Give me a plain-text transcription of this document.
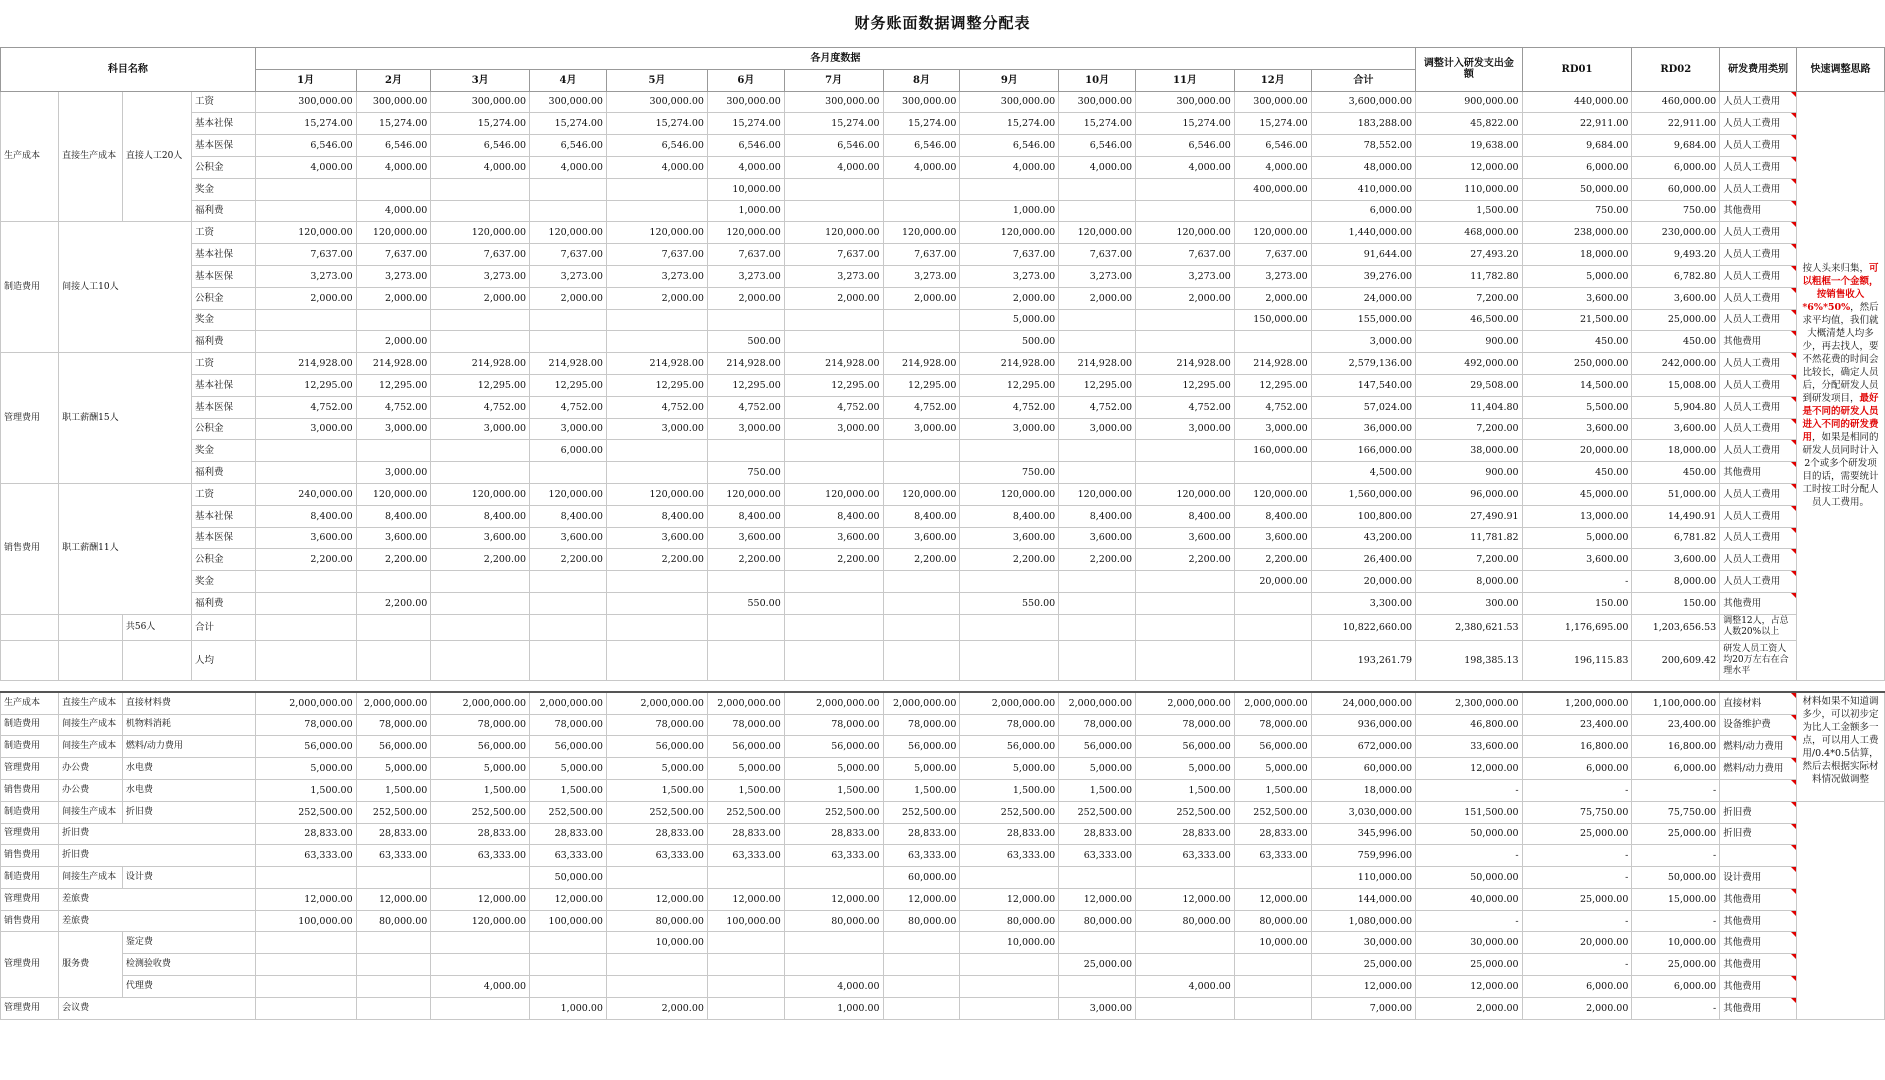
财务账面数据调整分配表
科目名称				各月度数据													调整计入研发支出金额	RD01	RD02	研发费用类别	快速调整思路
				1月	2月	3月	4月	5月	6月	7月	8月	9月	10月	11月	12月	合计					
生产成本	直接生产成本	直接人工20人	工资	300,000.00	300,000.00	300,000.00	300,000.00	300,000.00	300,000.00	300,000.00	300,000.00	300,000.00	300,000.00	300,000.00	300,000.00	3,600,000.00	900,000.00	440,000.00	460,000.00	人员人工费用	按人头来归集，可以粗框一个金额，按销售收入*6%*50%，然后求平均值，我们就大概清楚人均多少，再去找人，要不然花费的时间会比较长，确定人员后，分配研发人员到研发项目，最好是不同的研发人员进入不同的研发费用，如果是相同的研发人员同时计入2个或多个研发项目的话，需要统计工时按工时分配人员人工费用。
			基本社保	15,274.00	15,274.00	15,274.00	15,274.00	15,274.00	15,274.00	15,274.00	15,274.00	15,274.00	15,274.00	15,274.00	15,274.00	183,288.00	45,822.00	22,911.00	22,911.00	人员人工费用	
			基本医保	6,546.00	6,546.00	6,546.00	6,546.00	6,546.00	6,546.00	6,546.00	6,546.00	6,546.00	6,546.00	6,546.00	6,546.00	78,552.00	19,638.00	9,684.00	9,684.00	人员人工费用	
			公积金	4,000.00	4,000.00	4,000.00	4,000.00	4,000.00	4,000.00	4,000.00	4,000.00	4,000.00	4,000.00	4,000.00	4,000.00	48,000.00	12,000.00	6,000.00	6,000.00	人员人工费用	
			奖金						10,000.00						400,000.00	410,000.00	110,000.00	50,000.00	60,000.00	人员人工费用	
			福利费		4,000.00				1,000.00			1,000.00				6,000.00	1,500.00	750.00	750.00	其他费用	
制造费用	间接人工10人		工资	120,000.00	120,000.00	120,000.00	120,000.00	120,000.00	120,000.00	120,000.00	120,000.00	120,000.00	120,000.00	120,000.00	120,000.00	1,440,000.00	468,000.00	238,000.00	230,000.00	人员人工费用	
			基本社保	7,637.00	7,637.00	7,637.00	7,637.00	7,637.00	7,637.00	7,637.00	7,637.00	7,637.00	7,637.00	7,637.00	7,637.00	91,644.00	27,493.20	18,000.00	9,493.20	人员人工费用	
			基本医保	3,273.00	3,273.00	3,273.00	3,273.00	3,273.00	3,273.00	3,273.00	3,273.00	3,273.00	3,273.00	3,273.00	3,273.00	39,276.00	11,782.80	5,000.00	6,782.80	人员人工费用	
			公积金	2,000.00	2,000.00	2,000.00	2,000.00	2,000.00	2,000.00	2,000.00	2,000.00	2,000.00	2,000.00	2,000.00	2,000.00	24,000.00	7,200.00	3,600.00	3,600.00	人员人工费用	
			奖金									5,000.00			150,000.00	155,000.00	46,500.00	21,500.00	25,000.00	人员人工费用	
			福利费		2,000.00				500.00			500.00				3,000.00	900.00	450.00	450.00	其他费用	
管理费用	职工薪酬15人		工资	214,928.00	214,928.00	214,928.00	214,928.00	214,928.00	214,928.00	214,928.00	214,928.00	214,928.00	214,928.00	214,928.00	214,928.00	2,579,136.00	492,000.00	250,000.00	242,000.00	人员人工费用	
			基本社保	12,295.00	12,295.00	12,295.00	12,295.00	12,295.00	12,295.00	12,295.00	12,295.00	12,295.00	12,295.00	12,295.00	12,295.00	147,540.00	29,508.00	14,500.00	15,008.00	人员人工费用	
			基本医保	4,752.00	4,752.00	4,752.00	4,752.00	4,752.00	4,752.00	4,752.00	4,752.00	4,752.00	4,752.00	4,752.00	4,752.00	57,024.00	11,404.80	5,500.00	5,904.80	人员人工费用	
			公积金	3,000.00	3,000.00	3,000.00	3,000.00	3,000.00	3,000.00	3,000.00	3,000.00	3,000.00	3,000.00	3,000.00	3,000.00	36,000.00	7,200.00	3,600.00	3,600.00	人员人工费用	
			奖金				6,000.00								160,000.00	166,000.00	38,000.00	20,000.00	18,000.00	人员人工费用	
			福利费		3,000.00				750.00			750.00				4,500.00	900.00	450.00	450.00	其他费用	
销售费用	职工薪酬11人		工资	240,000.00	120,000.00	120,000.00	120,000.00	120,000.00	120,000.00	120,000.00	120,000.00	120,000.00	120,000.00	120,000.00	120,000.00	1,560,000.00	96,000.00	45,000.00	51,000.00	人员人工费用	
			基本社保	8,400.00	8,400.00	8,400.00	8,400.00	8,400.00	8,400.00	8,400.00	8,400.00	8,400.00	8,400.00	8,400.00	8,400.00	100,800.00	27,490.91	13,000.00	14,490.91	人员人工费用	
			基本医保	3,600.00	3,600.00	3,600.00	3,600.00	3,600.00	3,600.00	3,600.00	3,600.00	3,600.00	3,600.00	3,600.00	3,600.00	43,200.00	11,781.82	5,000.00	6,781.82	人员人工费用	
			公积金	2,200.00	2,200.00	2,200.00	2,200.00	2,200.00	2,200.00	2,200.00	2,200.00	2,200.00	2,200.00	2,200.00	2,200.00	26,400.00	7,200.00	3,600.00	3,600.00	人员人工费用	
			奖金												20,000.00	20,000.00	8,000.00	-	8,000.00	人员人工费用	
			福利费		2,200.00				550.00			550.00				3,300.00	300.00	150.00	150.00	其他费用	
		共56人	合计													10,822,660.00	2,380,621.53	1,176,695.00	1,203,656.53	调整12人，占总人数20%以上	
			人均													193,261.79	198,385.13	196,115.83	200,609.42	研发人员工资人均20万左右在合理水平	

生产成本	直接生产成本	直接材料费		2,000,000.00	2,000,000.00	2,000,000.00	2,000,000.00	2,000,000.00	2,000,000.00	2,000,000.00	2,000,000.00	2,000,000.00	2,000,000.00	2,000,000.00	2,000,000.00	24,000,000.00	2,300,000.00	1,200,000.00	1,100,000.00	直接材料	材料如果不知道调多少，可以初步定为比人工金额多一点，可以用人工费用/0.4*0.5估算，然后去根据实际材料情况做调整
制造费用	间接生产成本	机物料消耗		78,000.00	78,000.00	78,000.00	78,000.00	78,000.00	78,000.00	78,000.00	78,000.00	78,000.00	78,000.00	78,000.00	78,000.00	936,000.00	46,800.00	23,400.00	23,400.00	设备维护费	
制造费用	间接生产成本	燃料/动力费用		56,000.00	56,000.00	56,000.00	56,000.00	56,000.00	56,000.00	56,000.00	56,000.00	56,000.00	56,000.00	56,000.00	56,000.00	672,000.00	33,600.00	16,800.00	16,800.00	燃料/动力费用	
管理费用	办公费	水电费		5,000.00	5,000.00	5,000.00	5,000.00	5,000.00	5,000.00	5,000.00	5,000.00	5,000.00	5,000.00	5,000.00	5,000.00	60,000.00	12,000.00	6,000.00	6,000.00	燃料/动力费用	
销售费用	办公费	水电费		1,500.00	1,500.00	1,500.00	1,500.00	1,500.00	1,500.00	1,500.00	1,500.00	1,500.00	1,500.00	1,500.00	1,500.00	18,000.00	-	-	-		
制造费用	间接生产成本	折旧费		252,500.00	252,500.00	252,500.00	252,500.00	252,500.00	252,500.00	252,500.00	252,500.00	252,500.00	252,500.00	252,500.00	252,500.00	3,030,000.00	151,500.00	75,750.00	75,750.00	折旧费	
管理费用	折旧费			28,833.00	28,833.00	28,833.00	28,833.00	28,833.00	28,833.00	28,833.00	28,833.00	28,833.00	28,833.00	28,833.00	28,833.00	345,996.00	50,000.00	25,000.00	25,000.00	折旧费	
销售费用	折旧费			63,333.00	63,333.00	63,333.00	63,333.00	63,333.00	63,333.00	63,333.00	63,333.00	63,333.00	63,333.00	63,333.00	63,333.00	759,996.00	-	-	-		
制造费用	间接生产成本	设计费					50,000.00				60,000.00					110,000.00	50,000.00	-	50,000.00	设计费用	
管理费用	差旅费			12,000.00	12,000.00	12,000.00	12,000.00	12,000.00	12,000.00	12,000.00	12,000.00	12,000.00	12,000.00	12,000.00	12,000.00	144,000.00	40,000.00	25,000.00	15,000.00	其他费用	
销售费用	差旅费			100,000.00	80,000.00	120,000.00	100,000.00	80,000.00	100,000.00	80,000.00	80,000.00	80,000.00	80,000.00	80,000.00	80,000.00	1,080,000.00	-	-	-	其他费用	
管理费用	服务费	鉴定费						10,000.00				10,000.00			10,000.00	30,000.00	30,000.00	20,000.00	10,000.00	其他费用	
		检测验收费											25,000.00			25,000.00	25,000.00	-	25,000.00	其他费用	
		代理费				4,000.00				4,000.00				4,000.00		12,000.00	12,000.00	6,000.00	6,000.00	其他费用	
管理费用	会议费						1,000.00	2,000.00		1,000.00			3,000.00			7,000.00	2,000.00	2,000.00	-	其他费用	
